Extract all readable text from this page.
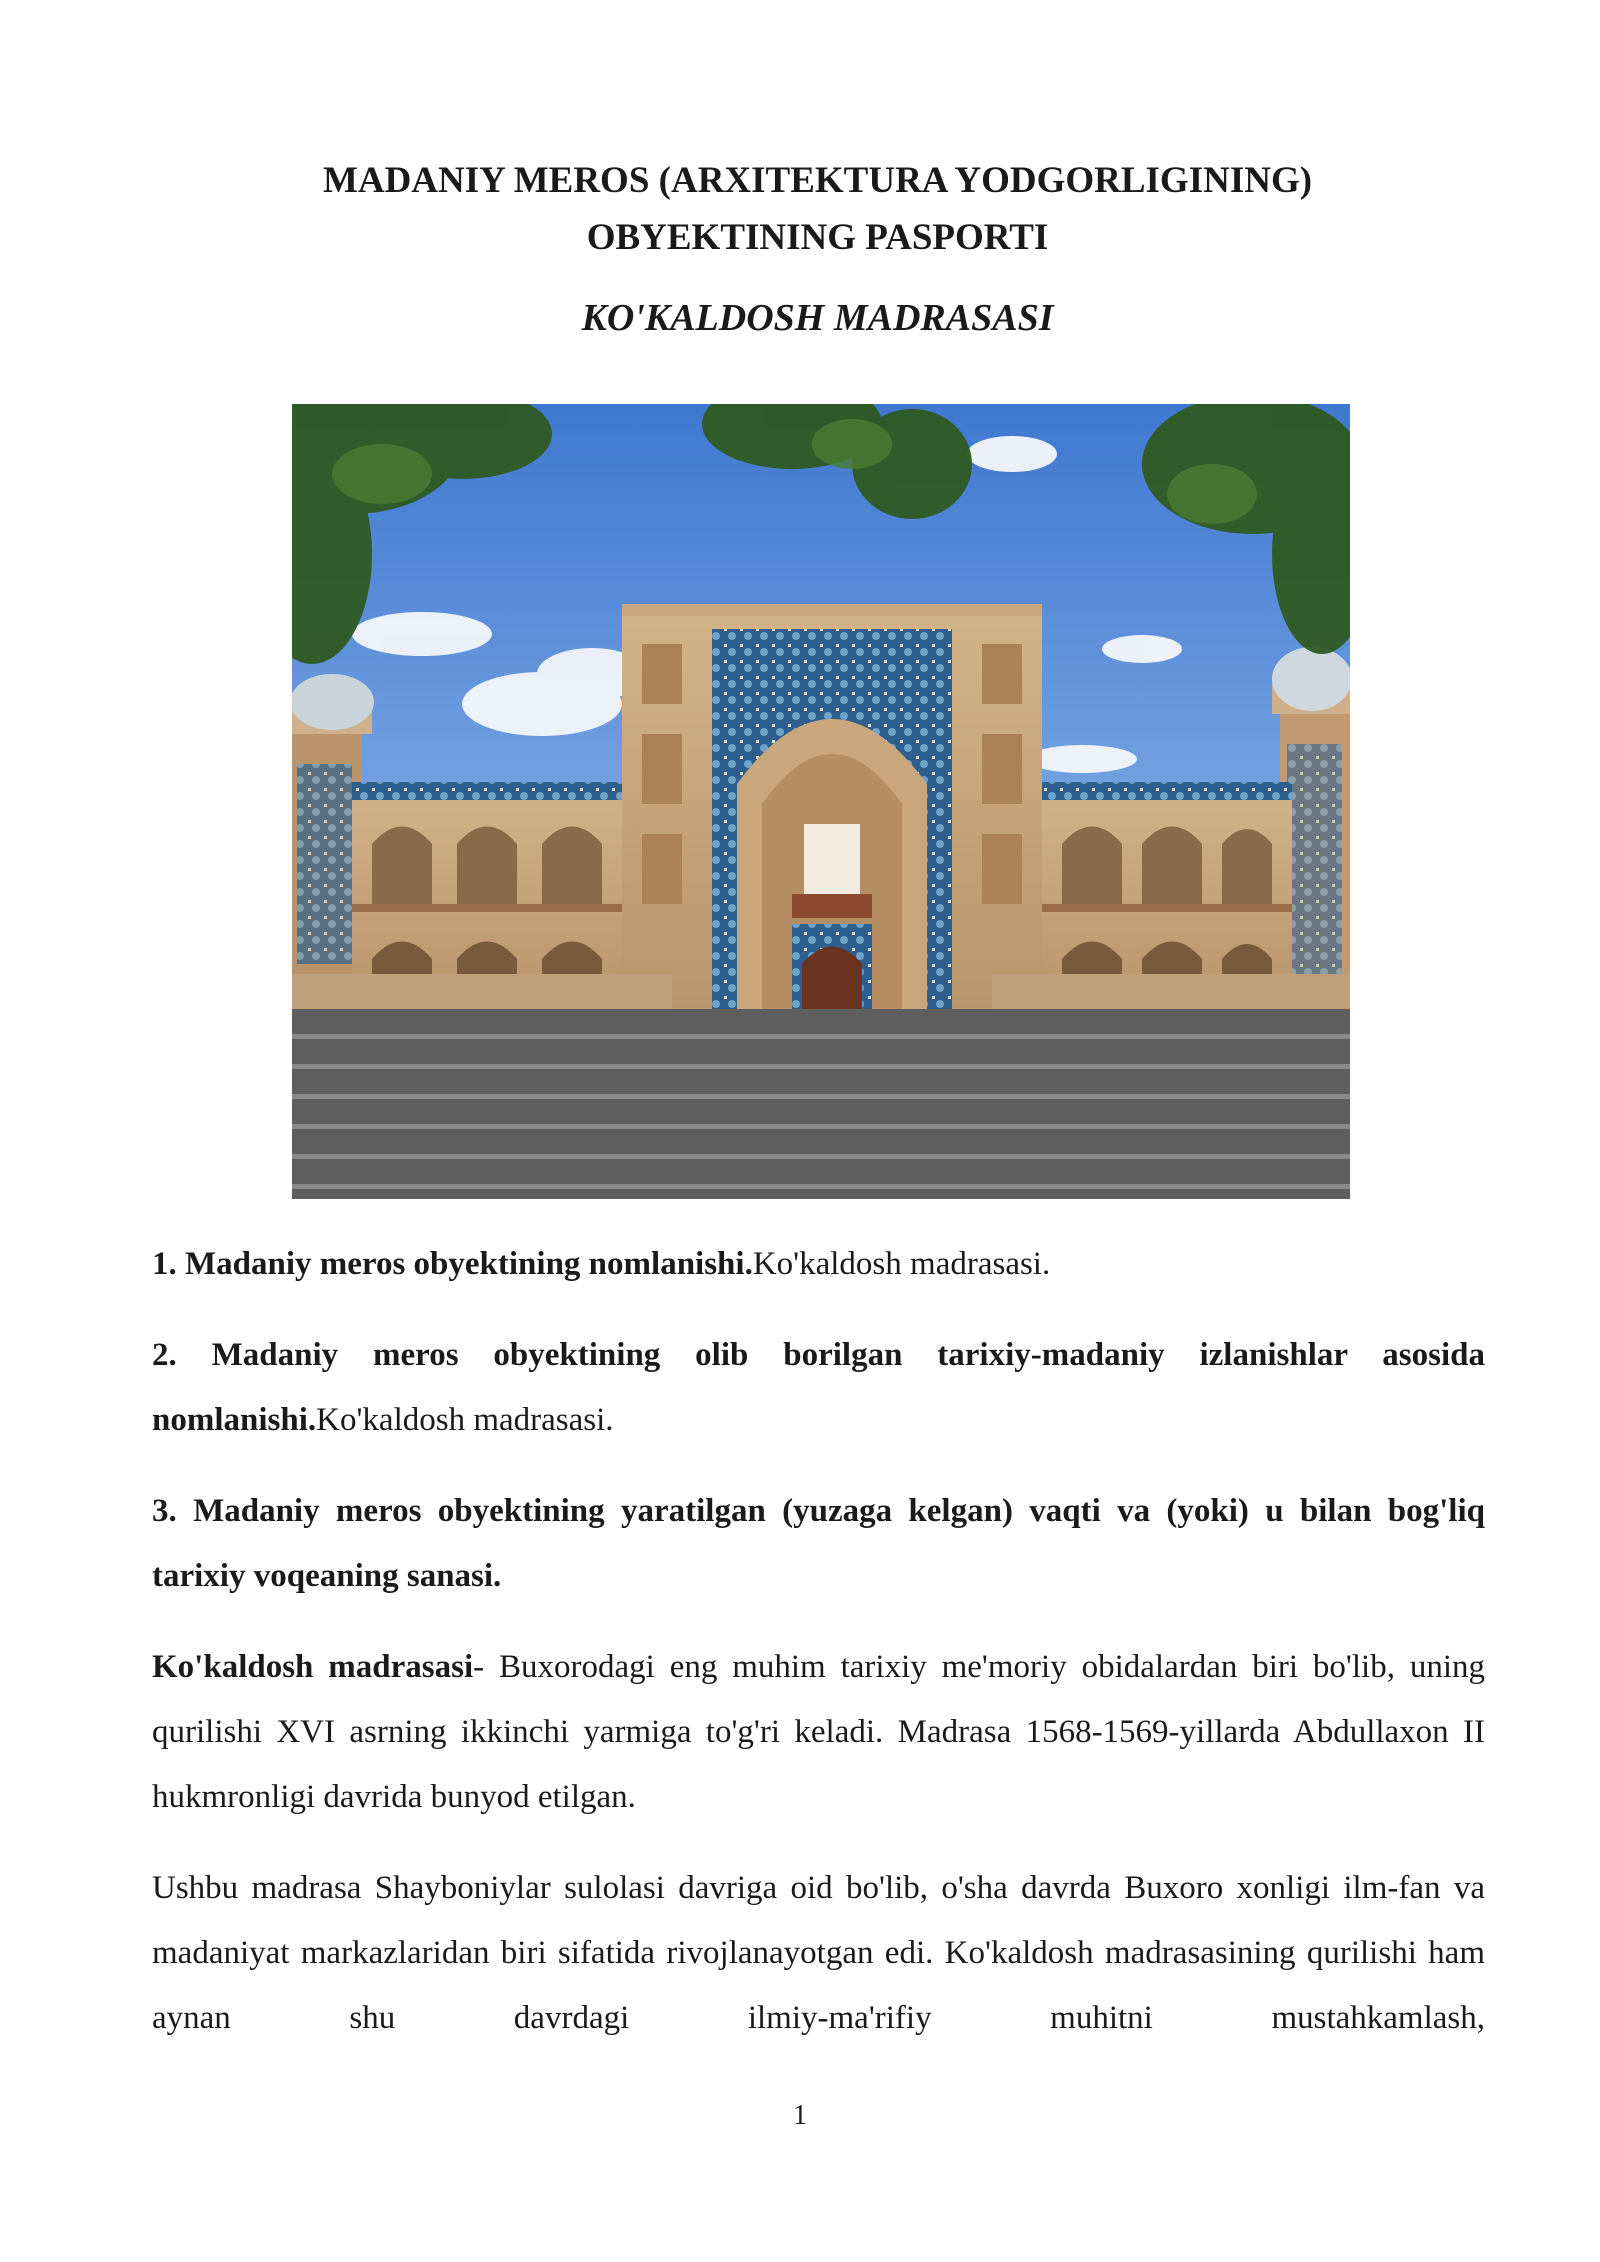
MADANIY MEROS (ARXITEKTURA YODGORLIGINING)
OBYEKTINING PASPORTI
KO'KALDOSH MADRASASI

1. Madaniy meros obyektining nomlanishi.Ko'kaldosh madrasasi.

2. Madaniy meros obyektining olib borilgan tarixiy-madaniy izlanishlar asosida nomlanishi.Ko'kaldosh madrasasi.

3. Madaniy meros obyektining yaratilgan (yuzaga kelgan) vaqti va (yoki) u bilan bog'liq tarixiy voqeaning sanasi.

Ko'kaldosh madrasasi- Buxorodagi eng muhim tarixiy me'moriy obidalardan biri bo'lib, uning qurilishi XVI asrning ikkinchi yarmiga to'g'ri keladi. Madrasa 1568-1569-yillarda Abdullaxon II hukmronligi davrida bunyod etilgan.

Ushbu madrasa Shayboniylar sulolasi davriga oid bo'lib, o'sha davrda Buxoro xonligi ilm-fan va madaniyat markazlaridan biri sifatida rivojlanayotgan edi. Ko'kaldosh madrasasining qurilishi ham aynan shu davrdagi ilmiy-ma'rifiy muhitni mustahkamlash,

1
